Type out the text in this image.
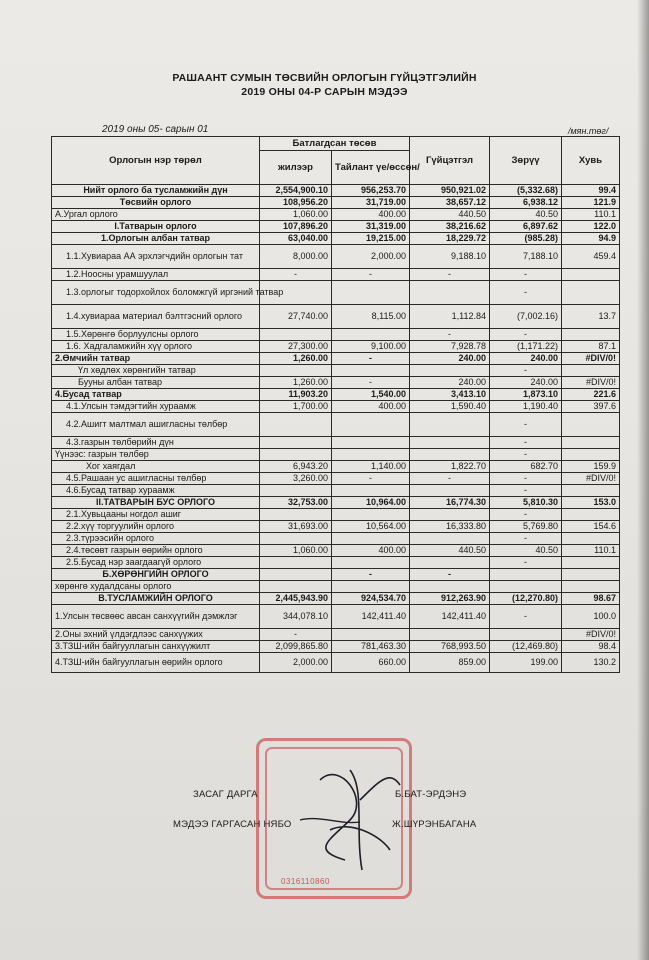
РАШААНТ СУМЫН ТӨСВИЙН ОРЛОГЫН ГҮЙЦЭТГЭЛИЙН
2019 ОНЫ 04-Р САРЫН МЭДЭЭ
2019 оны 05- сарын 01	/мян.төг/
Орлогын нэр төрөл	Батлагдсан төсөв		Гүйцэтгэл	Зөрүү	Хувь
	жилээр	Тайлант үе/өссөн/			
Нийт орлого ба тусламжийн дүн	2,554,900.10	956,253.70	950,921.02	(5,332.68)	99.4
Төсвийн орлого	108,956.20	31,719.00	38,657.12	6,938.12	121.9
А.Ургал орлого	1,060.00	400.00	440.50	40.50	110.1
I.Татварын орлого	107,896.20	31,319.00	38,216.62	6,897.62	122.0
1.Орлогын албан татвар	63,040.00	19,215.00	18,229.72	(985.28)	94.9
1.1.Хувиараа АА эрхлэгчдийн орлогын тат	8,000.00	2,000.00	9,188.10	7,188.10	459.4
1.2.Ноосны урамшуулал	-	-	-	-	
1.3.орлогыг тодорхойлох боломжгүй иргэний татвар				-	
1.4.хувиараа материал бэлтгэсний орлого	27,740.00	8,115.00	1,112.84	(7,002.16)	13.7
1.5.Хөрөнгө борлуулсны орлого			-	-	
1.6. Хадгаламжийн хүү орлого	27,300.00	9,100.00	7,928.78	(1,171.22)	87.1
2.Өмчийн татвар	1,260.00	-	240.00	240.00	#DIV/0!
Үл хөдлөх хөрөнгийн татвар				-	
Бууны албан татвар	1,260.00	-	240.00	240.00	#DIV/0!
4.Бусад татвар	11,903.20	1,540.00	3,413.10	1,873.10	221.6
4.1.Улсын тэмдэгтийн хураамж	1,700.00	400.00	1,590.40	1,190.40	397.6
4.2.Ашигт малтмал ашигласны төлбөр				-	
4.3.газрын төлбөрийн дүн				-	
Үүнээс: газрын төлбөр				-	
Хог хаягдал	6,943.20	1,140.00	1,822.70	682.70	159.9
4.5.Рашаан ус ашигласны төлбөр	3,260.00	-	-	-	#DIV/0!
4.6.Бусад татвар хураамж				-	
II.ТАТВАРЫН БУС ОРЛОГО	32,753.00	10,964.00	16,774.30	5,810.30	153.0
2.1.Хувьцааны ногдол ашиг				-	
2.2.хүү торгуулийн орлого	31,693.00	10,564.00	16,333.80	5,769.80	154.6
2.3.түрээсийн орлого				-	
2.4.төсөвт газрын өөрийн орлого	1,060.00	400.00	440.50	40.50	110.1
2.5.Бусад нэр заагдаагүй орлого				-	
Б.ХӨРӨНГИЙН ОРЛОГО		-	-		
хөрөнгө худалдсаны орлого					
В.ТУСЛАМЖИЙН ОРЛОГО	2,445,943.90	924,534.70	912,263.90	(12,270.80)	98.67
1.Улсын төсвөөс авсан санхүүгийн дэмжлэг	344,078.10	142,411.40	142,411.40	-	100.0
2.Оны эхний үлдэгдлээс санхүүжих	-				#DIV/0!
3.ТЗШ-ийн байгууллагын санхүүжилт	2,099,865.80	781,463.30	768,993.50	(12,469.80)	98.4
4.ТЗШ-ийн байгууллагын өөрийн орлого	2,000.00	660.00	859.00	199.00	130.2
0316110860
ЗАСАГ ДАРГА	Б.БАТ-ЭРДЭНЭ
МЭДЭЭ ГАРГАСАН НЯБО	Ж.ШҮРЭНБАГАНА
